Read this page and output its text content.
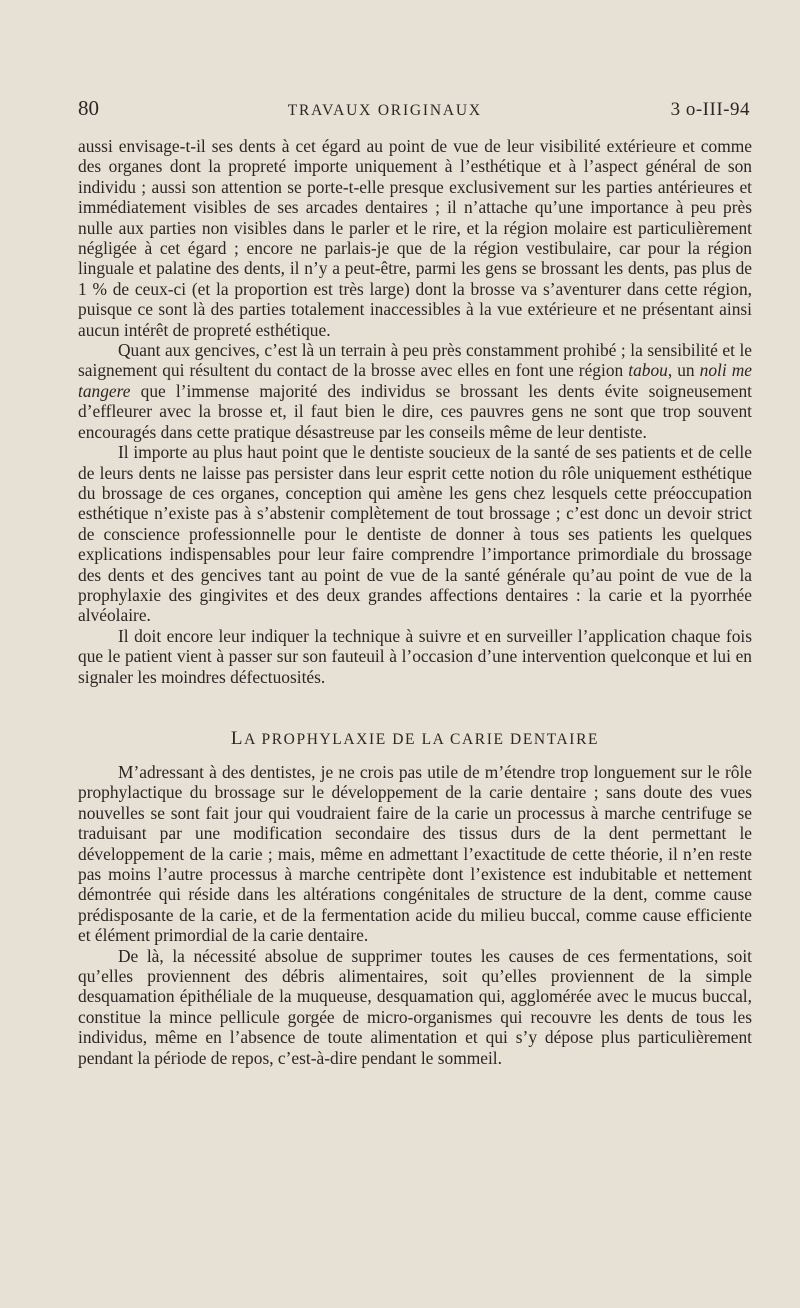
80	TRAVAUX ORIGINAUX	3 o-III-94

aussi envisage-t-il ses dents à cet égard au point de vue de leur visibilité extérieure et comme des organes dont la propreté importe uniquement à l’esthétique et à l’aspect général de son individu ; aussi son attention se porte-t-elle presque exclusivement sur les parties antérieures et immédiatement visibles de ses arcades dentaires ; il n’attache qu’une importance à peu près nulle aux parties non visibles dans le parler et le rire, et la région molaire est particulièrement négligée à cet égard ; encore ne parlais-je que de la région vestibulaire, car pour la région linguale et palatine des dents, il n’y a peut-être, parmi les gens se brossant les dents, pas plus de 1 % de ceux-ci (et la proportion est très large) dont la brosse va s’aventurer dans cette région, puisque ce sont là des parties totalement inaccessibles à la vue extérieure et ne présentant ainsi aucun intérêt de propreté esthétique.

Quant aux gencives, c’est là un terrain à peu près constamment prohibé ; la sensibilité et le saignement qui résultent du contact de la brosse avec elles en font une région tabou, un noli me tangere que l’immense majorité des individus se brossant les dents évite soigneusement d’effleurer avec la brosse et, il faut bien le dire, ces pauvres gens ne sont que trop souvent encouragés dans cette pratique désastreuse par les conseils même de leur dentiste.

Il importe au plus haut point que le dentiste soucieux de la santé de ses patients et de celle de leurs dents ne laisse pas persister dans leur esprit cette notion du rôle uniquement esthétique du brossage de ces organes, conception qui amène les gens chez lesquels cette préoccupation esthétique n’existe pas à s’abstenir complètement de tout brossage ; c’est donc un devoir strict de conscience professionnelle pour le dentiste de donner à tous ses patients les quelques explications indispensables pour leur faire comprendre l’importance primordiale du brossage des dents et des gencives tant au point de vue de la santé générale qu’au point de vue de la prophylaxie des gingivites et des deux grandes affections dentaires : la carie et la pyorrhée alvéolaire.

Il doit encore leur indiquer la technique à suivre et en surveiller l’application chaque fois que le patient vient à passer sur son fauteuil à l’occasion d’une intervention quelconque et lui en signaler les moindres défectuosités.

LA PROPHYLAXIE DE LA CARIE DENTAIRE

M’adressant à des dentistes, je ne crois pas utile de m’étendre trop longuement sur le rôle prophylactique du brossage sur le développement de la carie dentaire ; sans doute des vues nouvelles se sont fait jour qui voudraient faire de la carie un processus à marche centrifuge se traduisant par une modification secondaire des tissus durs de la dent permettant le développement de la carie ; mais, même en admettant l’exactitude de cette théorie, il n’en reste pas moins l’autre processus à marche centripète dont l’existence est indubitable et nettement démontrée qui réside dans les altérations congénitales de structure de la dent, comme cause prédisposante de la carie, et de la fermentation acide du milieu buccal, comme cause efficiente et élément primordial de la carie dentaire.

De là, la nécessité absolue de supprimer toutes les causes de ces fermentations, soit qu’elles proviennent des débris alimentaires, soit qu’elles proviennent de la simple desquamation épithéliale de la muqueuse, desquamation qui, agglomérée avec le mucus buccal, constitue la mince pellicule gorgée de micro-organismes qui recouvre les dents de tous les individus, même en l’absence de toute alimentation et qui s’y dépose plus particulièrement pendant la période de repos, c’est-à-dire pendant le sommeil.
